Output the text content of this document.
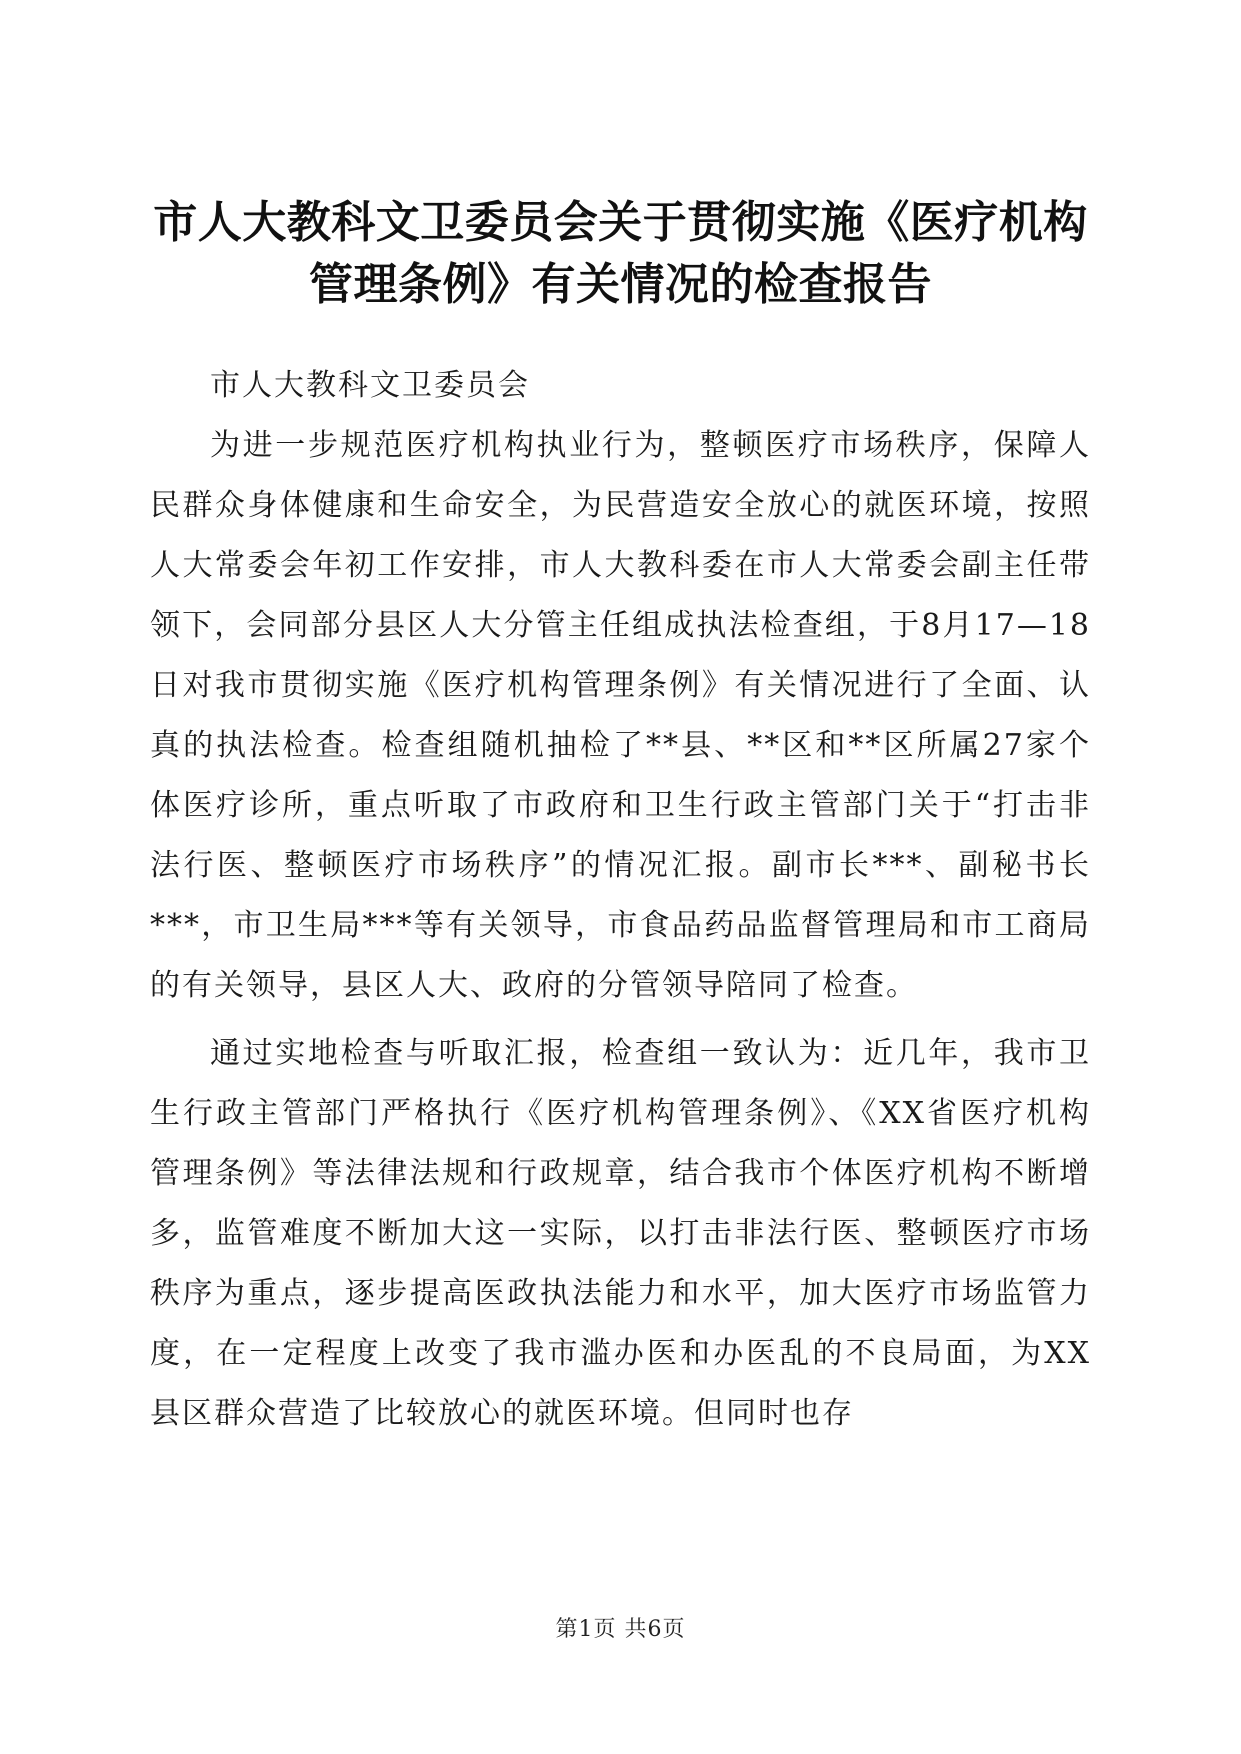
市人大教科文卫委员会关于贯彻实施《医疗机构管理条例》有关情况的检查报告

市人大教科文卫委员会

为进一步规范医疗机构执业行为，整顿医疗市场秩序，保障人民群众身体健康和生命安全，为民营造安全放心的就医环境，按照人大常委会年初工作安排，市人大教科委在市人大常委会副主任带领下，会同部分县区人大分管主任组成执法检查组，于8月17—18日对我市贯彻实施《医疗机构管理条例》有关情况进行了全面、认真的执法检查。检查组随机抽检了**县、**区和**区所属27家个体医疗诊所，重点听取了市政府和卫生行政主管部门关于“打击非法行医、整顿医疗市场秩序”的情况汇报。副市长***、副秘书长***，市卫生局***等有关领导，市食品药品监督管理局和市工商局的有关领导，县区人大、政府的分管领导陪同了检查。

通过实地检查与听取汇报，检查组一致认为：近几年，我市卫生行政主管部门严格执行《医疗机构管理条例》、《XX省医疗机构管理条例》等法律法规和行政规章，结合我市个体医疗机构不断增多，监管难度不断加大这一实际，以打击非法行医、整顿医疗市场秩序为重点，逐步提高医政执法能力和水平，加大医疗市场监管力度，在一定程度上改变了我市滥办医和办医乱的不良局面，为XX县区群众营造了比较放心的就医环境。但同时也存

第1页 共6页
